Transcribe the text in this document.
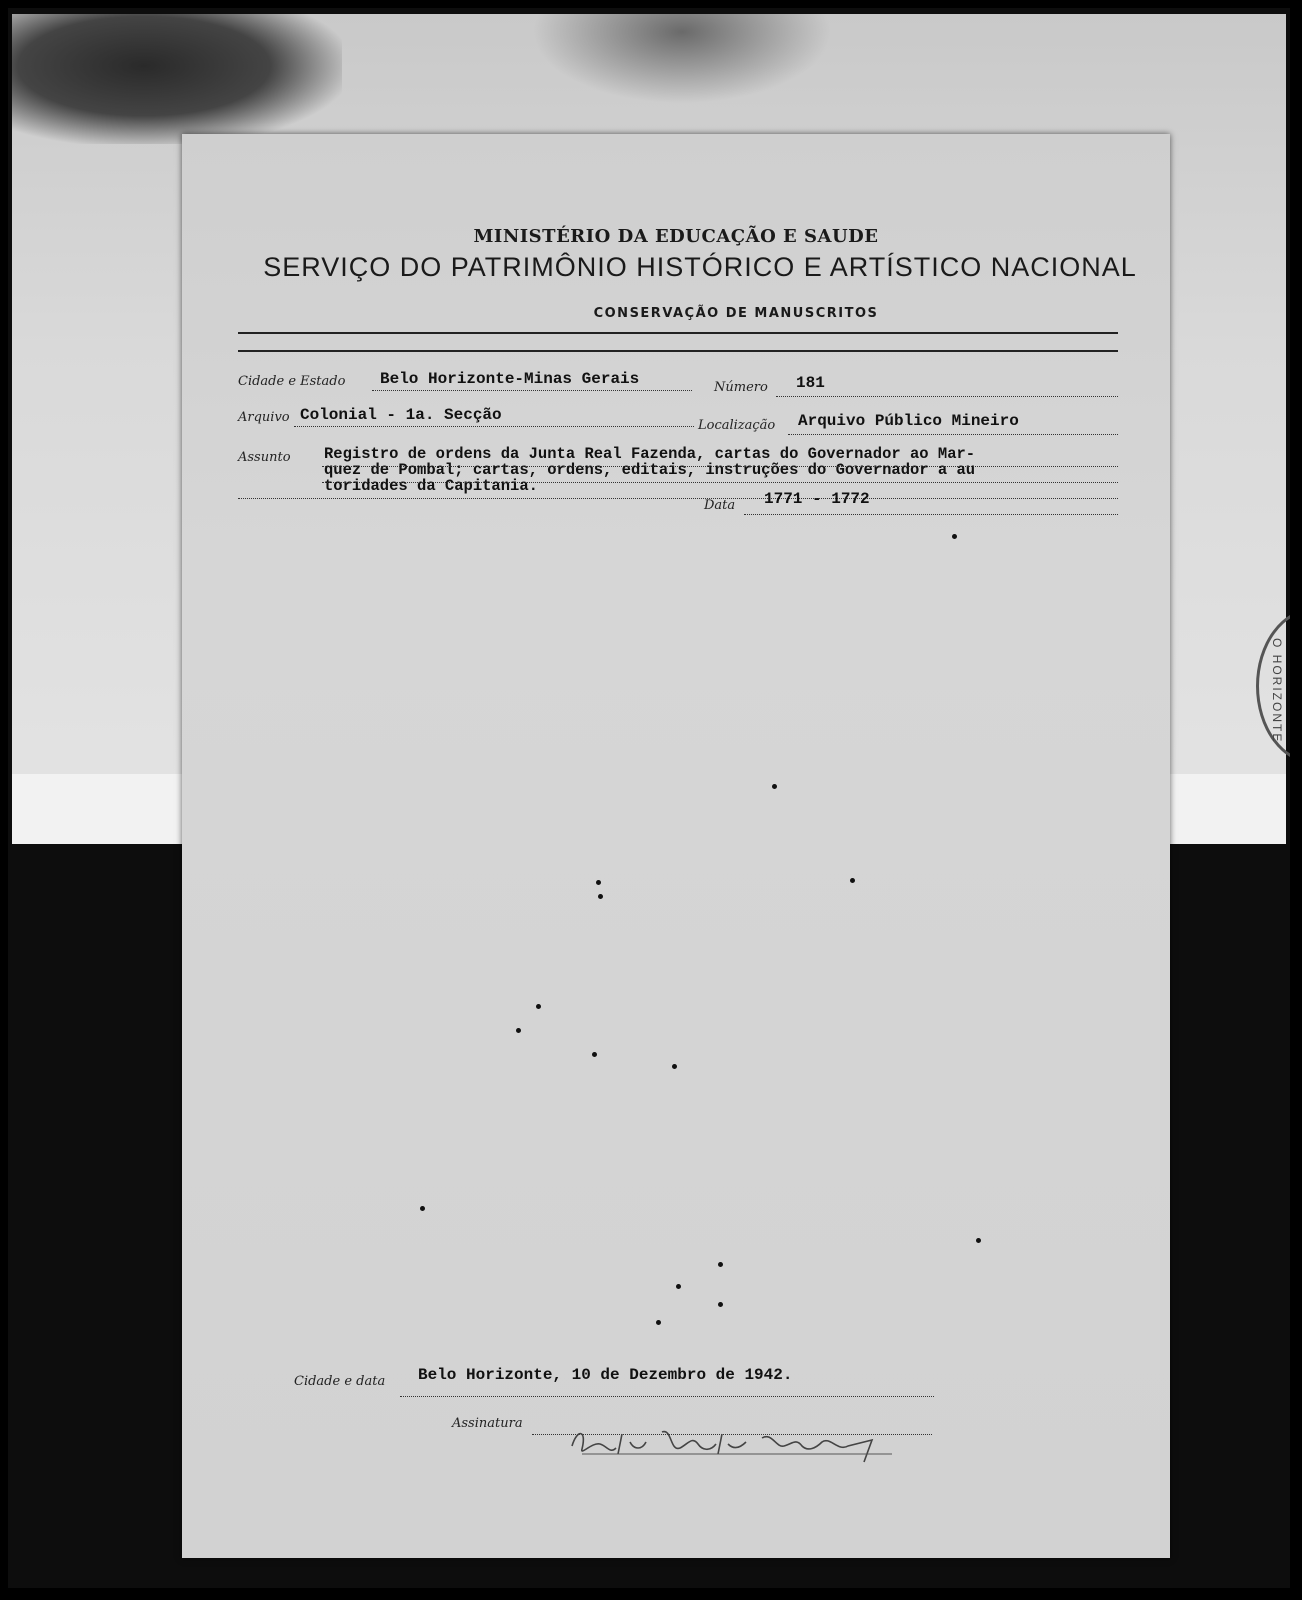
O HORIZONTE
MINISTÉRIO DA EDUCAÇÃO E SAUDE
SERVIÇO DO PATRIMÔNIO HISTÓRICO E ARTÍSTICO NACIONAL
CONSERVAÇÃO DE MANUSCRITOS
Cidade e Estado Belo Horizonte-Minas Gerais	Número 181
Arquivo Colonial - 1a. Secção
Localização Arquivo Público Mineiro
Assunto Registro de ordens da Junta Real Fazenda, cartas do Governador ao Mar-
quez de Pombal; cartas, ordens, editais, instruções do Governador a au
toridades da Capitania.
Data 1771 - 1772
Cidade e data Belo Horizonte, 10 de Dezembro de 1942.
Assinatura
